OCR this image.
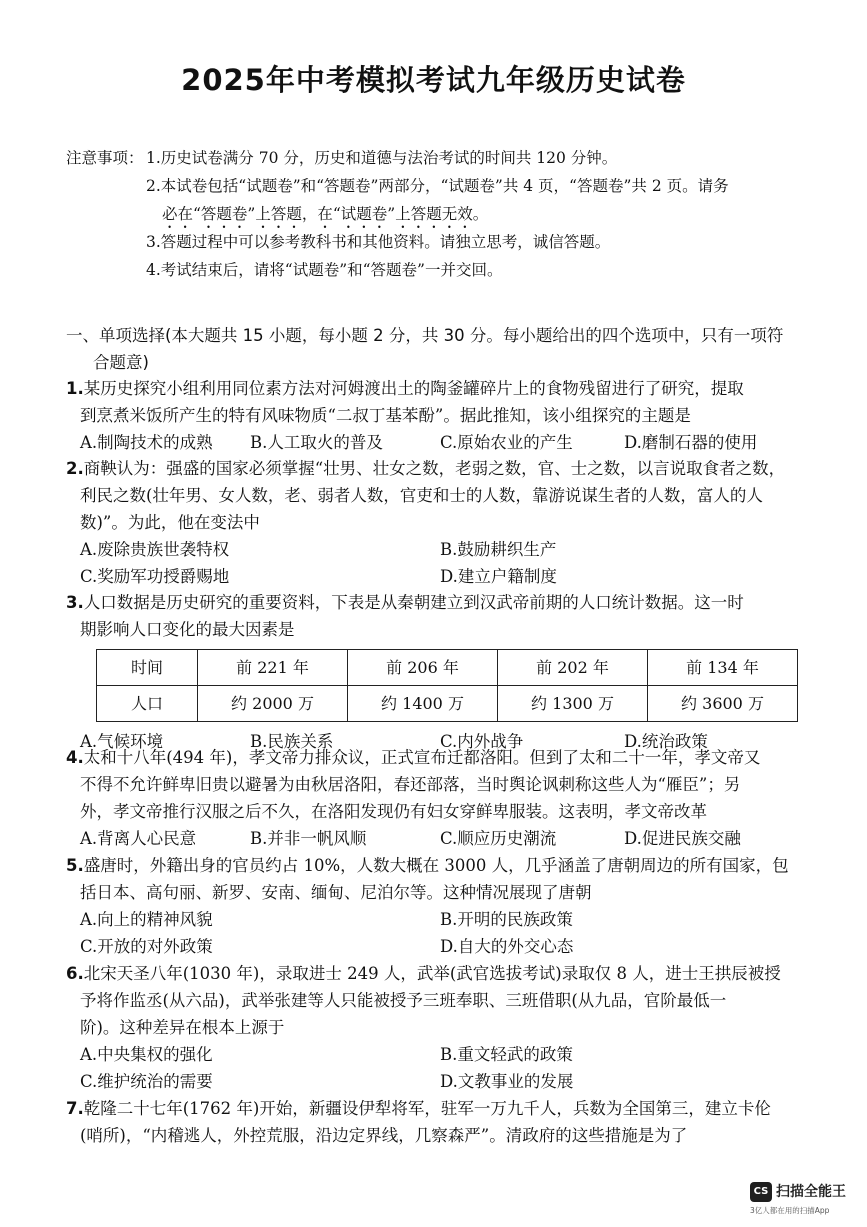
2025年中考模拟考试九年级历史试卷
注意事项： 1.历史试卷满分 70 分，历史和道德与法治考试的时间共 120 分钟。
2.本试卷包括“试题卷”和“答题卷”两部分，“试题卷”共 4 页，“答题卷”共 2 页。请务
必在“答题卷”上答题，在“试题卷”上答题无效。
3.答题过程中可以参考教科书和其他资料。请独立思考，诚信答题。
4.考试结束后，请将“试题卷”和“答题卷”一并交回。
一、单项选择(本大题共 15 小题，每小题 2 分，共 30 分。每小题给出的四个选项中，只有一项符
合题意)
1.某历史探究小组利用同位素方法对河姆渡出土的陶釜罐碎片上的食物残留进行了研究，提取
到烹煮米饭所产生的特有风味物质“二叔丁基苯酚”。据此推知，该小组探究的主题是
A.制陶技术的成熟	B.人工取火的普及	C.原始农业的产生	D.磨制石器的使用
2.商鞅认为：强盛的国家必须掌握“壮男、壮女之数，老弱之数，官、士之数，以言说取食者之数，
利民之数(壮年男、女人数，老、弱者人数，官吏和士的人数，靠游说谋生者的人数，富人的人
数)”。为此，他在变法中
A.废除贵族世袭特权	B.鼓励耕织生产
C.奖励军功授爵赐地	D.建立户籍制度
3.人口数据是历史研究的重要资料，下表是从秦朝建立到汉武帝前期的人口统计数据。这一时
期影响人口变化的最大因素是
时间	前 221 年	前 206 年	前 202 年	前 134 年
人口	约 2000 万	约 1400 万	约 1300 万	约 3600 万
A.气候环境	B.民族关系	C.内外战争	D.统治政策
4.太和十八年(494 年)，孝文帝力排众议，正式宣布迁都洛阳。但到了太和二十一年，孝文帝又
不得不允许鲜卑旧贵以避暑为由秋居洛阳，春还部落，当时舆论讽刺称这些人为“雁臣”；另
外，孝文帝推行汉服之后不久，在洛阳发现仍有妇女穿鲜卑服装。这表明，孝文帝改革
A.背离人心民意	B.并非一帆风顺	C.顺应历史潮流	D.促进民族交融
5.盛唐时，外籍出身的官员约占 10%，人数大概在 3000 人，几乎涵盖了唐朝周边的所有国家，包
括日本、高句丽、新罗、安南、缅甸、尼泊尔等。这种情况展现了唐朝
A.向上的精神风貌	B.开明的民族政策
C.开放的对外政策	D.自大的外交心态
6.北宋天圣八年(1030 年)，录取进士 249 人，武举(武官选拔考试)录取仅 8 人，进士王拱辰被授
予将作监丞(从六品)，武举张建等人只能被授予三班奉职、三班借职(从九品，官阶最低一
阶)。这种差异在根本上源于
A.中央集权的强化	B.重文轻武的政策
C.维护统治的需要	D.文教事业的发展
7.乾隆二十七年(1762 年)开始，新疆设伊犁将军，驻军一万九千人，兵数为全国第三，建立卡伦
(哨所)，“内稽逃人，外控荒服，沿边定界线，几察森严”。清政府的这些措施是为了
CS 扫描全能王
3亿人都在用的扫描App
